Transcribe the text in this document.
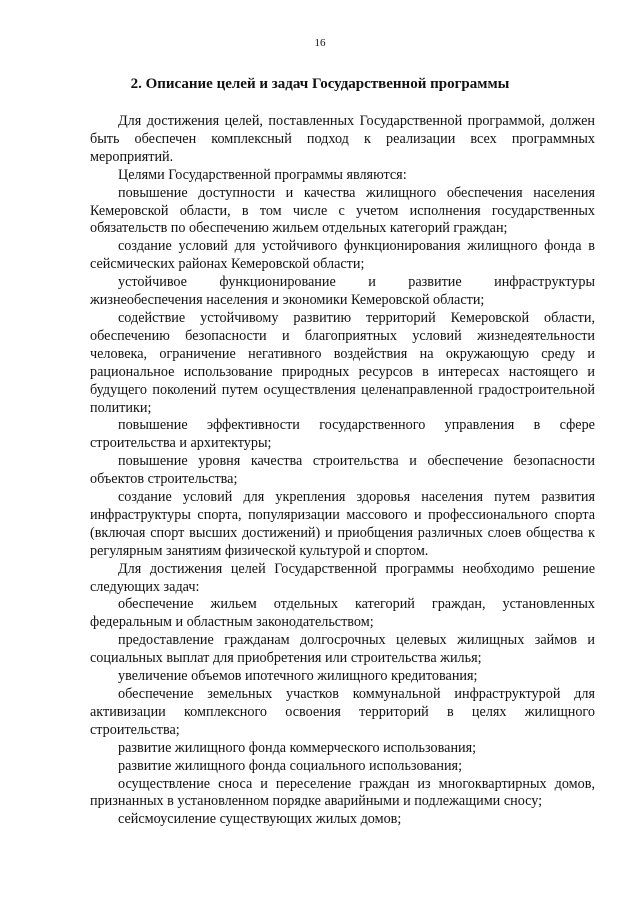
16
2. Описание целей и задач Государственной программы

Для достижения целей, поставленных Государственной программой, должен быть обеспечен комплексный подход к реализации всех программных мероприятий.

Целями Государственной программы являются:

повышение доступности и качества жилищного обеспечения населения Кемеровской области, в том числе с учетом исполнения государственных обязательств по обеспечению жильем отдельных категорий граждан;

создание условий для устойчивого функционирования жилищного фонда в сейсмических районах Кемеровской области;

устойчивое функционирование и развитие инфраструктуры жизнеобеспечения населения и экономики Кемеровской области;

содействие устойчивому развитию территорий Кемеровской области, обеспечению безопасности и благоприятных условий жизнедеятельности человека, ограничение негативного воздействия на окружающую среду и рациональное использование природных ресурсов в интересах настоящего и будущего поколений путем осуществления целенаправленной градостроительной политики;

повышение эффективности государственного управления в сфере строительства и архитектуры;

повышение уровня качества строительства и обеспечение безопасности объектов строительства;

создание условий для укрепления здоровья населения путем развития инфраструктуры спорта, популяризации массового и профессионального спорта (включая спорт высших достижений) и приобщения различных слоев общества к регулярным занятиям физической культурой и спортом.

Для достижения целей Государственной программы необходимо решение следующих задач:

обеспечение жильем отдельных категорий граждан, установленных федеральным и областным законодательством;

предоставление гражданам долгосрочных целевых жилищных займов и социальных выплат для приобретения или строительства жилья;

увеличение объемов ипотечного жилищного кредитования;

обеспечение земельных участков коммунальной инфраструктурой для активизации комплексного освоения территорий в целях жилищного строительства;

развитие жилищного фонда коммерческого использования;

развитие жилищного фонда социального использования;

осуществление сноса и переселение граждан из многоквартирных домов, признанных в установленном порядке аварийными и подлежащими сносу;

сейсмоусиление существующих жилых домов;
